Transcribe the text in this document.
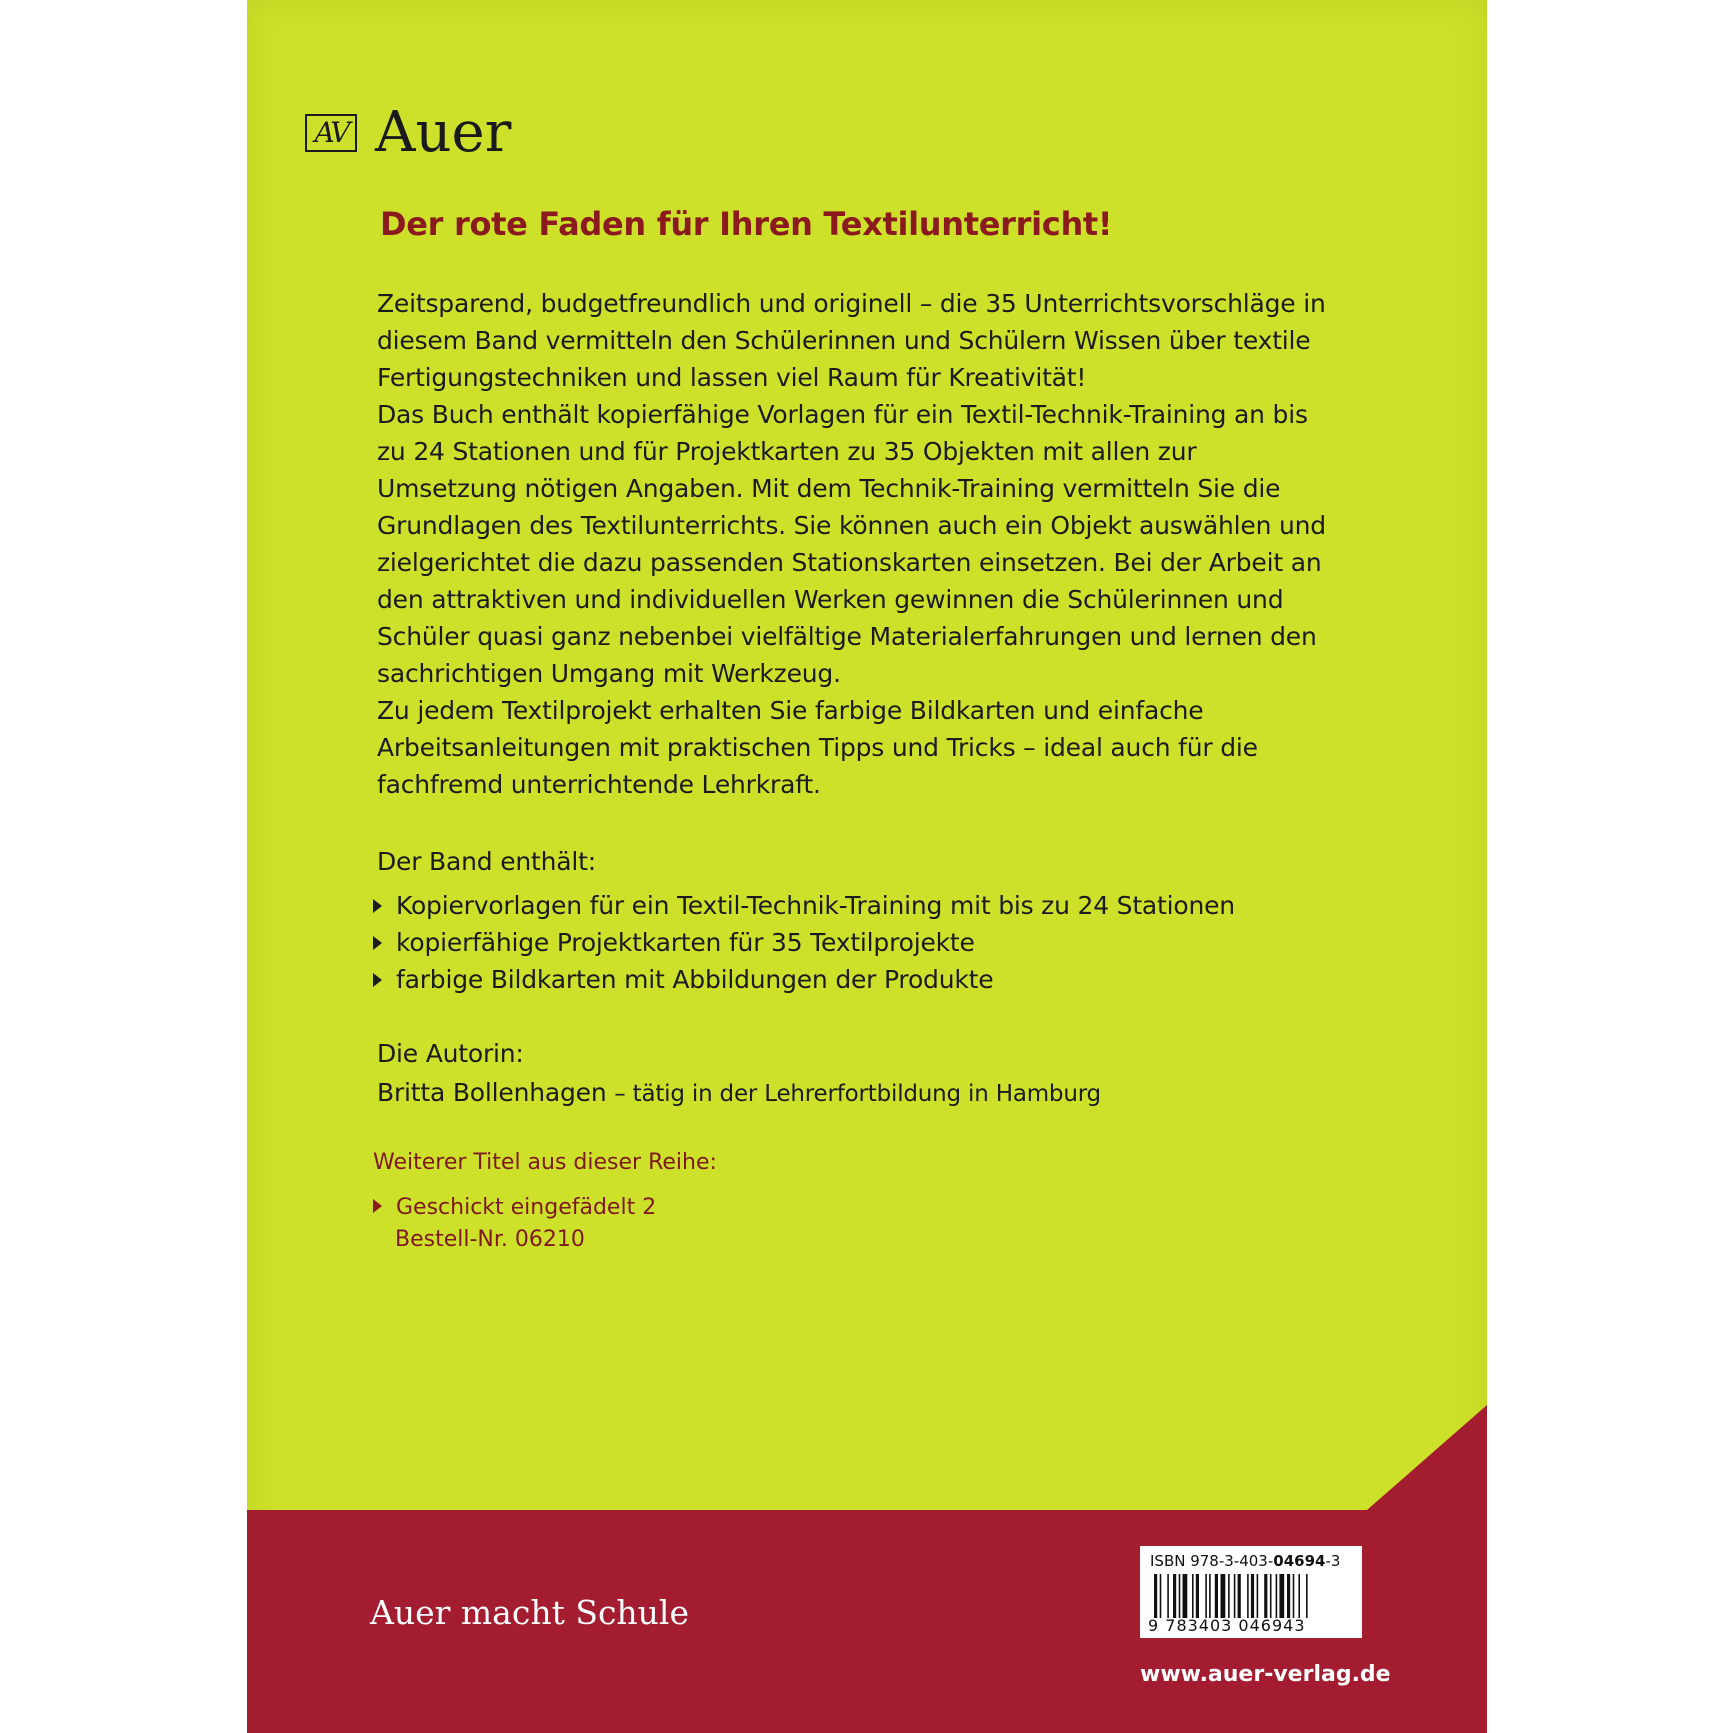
AV Auer
Der rote Faden für Ihren Textilunterricht!
Zeitsparend, budgetfreundlich und originell – die 35 Unterrichtsvorschläge in
diesem Band vermitteln den Schülerinnen und Schülern Wissen über textile
Fertigungstechniken und lassen viel Raum für Kreativität!
Das Buch enthält kopierfähige Vorlagen für ein Textil-Technik-Training an bis
zu 24 Stationen und für Projektkarten zu 35 Objekten mit allen zur
Umsetzung nötigen Angaben. Mit dem Technik-Training vermitteln Sie die
Grundlagen des Textilunterrichts. Sie können auch ein Objekt auswählen und
zielgerichtet die dazu passenden Stationskarten einsetzen. Bei der Arbeit an
den attraktiven und individuellen Werken gewinnen die Schülerinnen und
Schüler quasi ganz nebenbei vielfältige Materialerfahrungen und lernen den
sachrichtigen Umgang mit Werkzeug.
Zu jedem Textilprojekt erhalten Sie farbige Bildkarten und einfache
Arbeitsanleitungen mit praktischen Tipps und Tricks – ideal auch für die
fachfremd unterrichtende Lehrkraft.
Der Band enthält:
Kopiervorlagen für ein Textil-Technik-Training mit bis zu 24 Stationen
kopierfähige Projektkarten für 35 Textilprojekte
farbige Bildkarten mit Abbildungen der Produkte
Die Autorin:
Britta Bollenhagen – tätig in der Lehrerfortbildung in Hamburg
Weiterer Titel aus dieser Reihe:
Geschickt eingefädelt 2
Bestell-Nr. 06210
Auer macht Schule
ISBN 978-3-403-04694-3
9 783403 046943
www.auer-verlag.de
